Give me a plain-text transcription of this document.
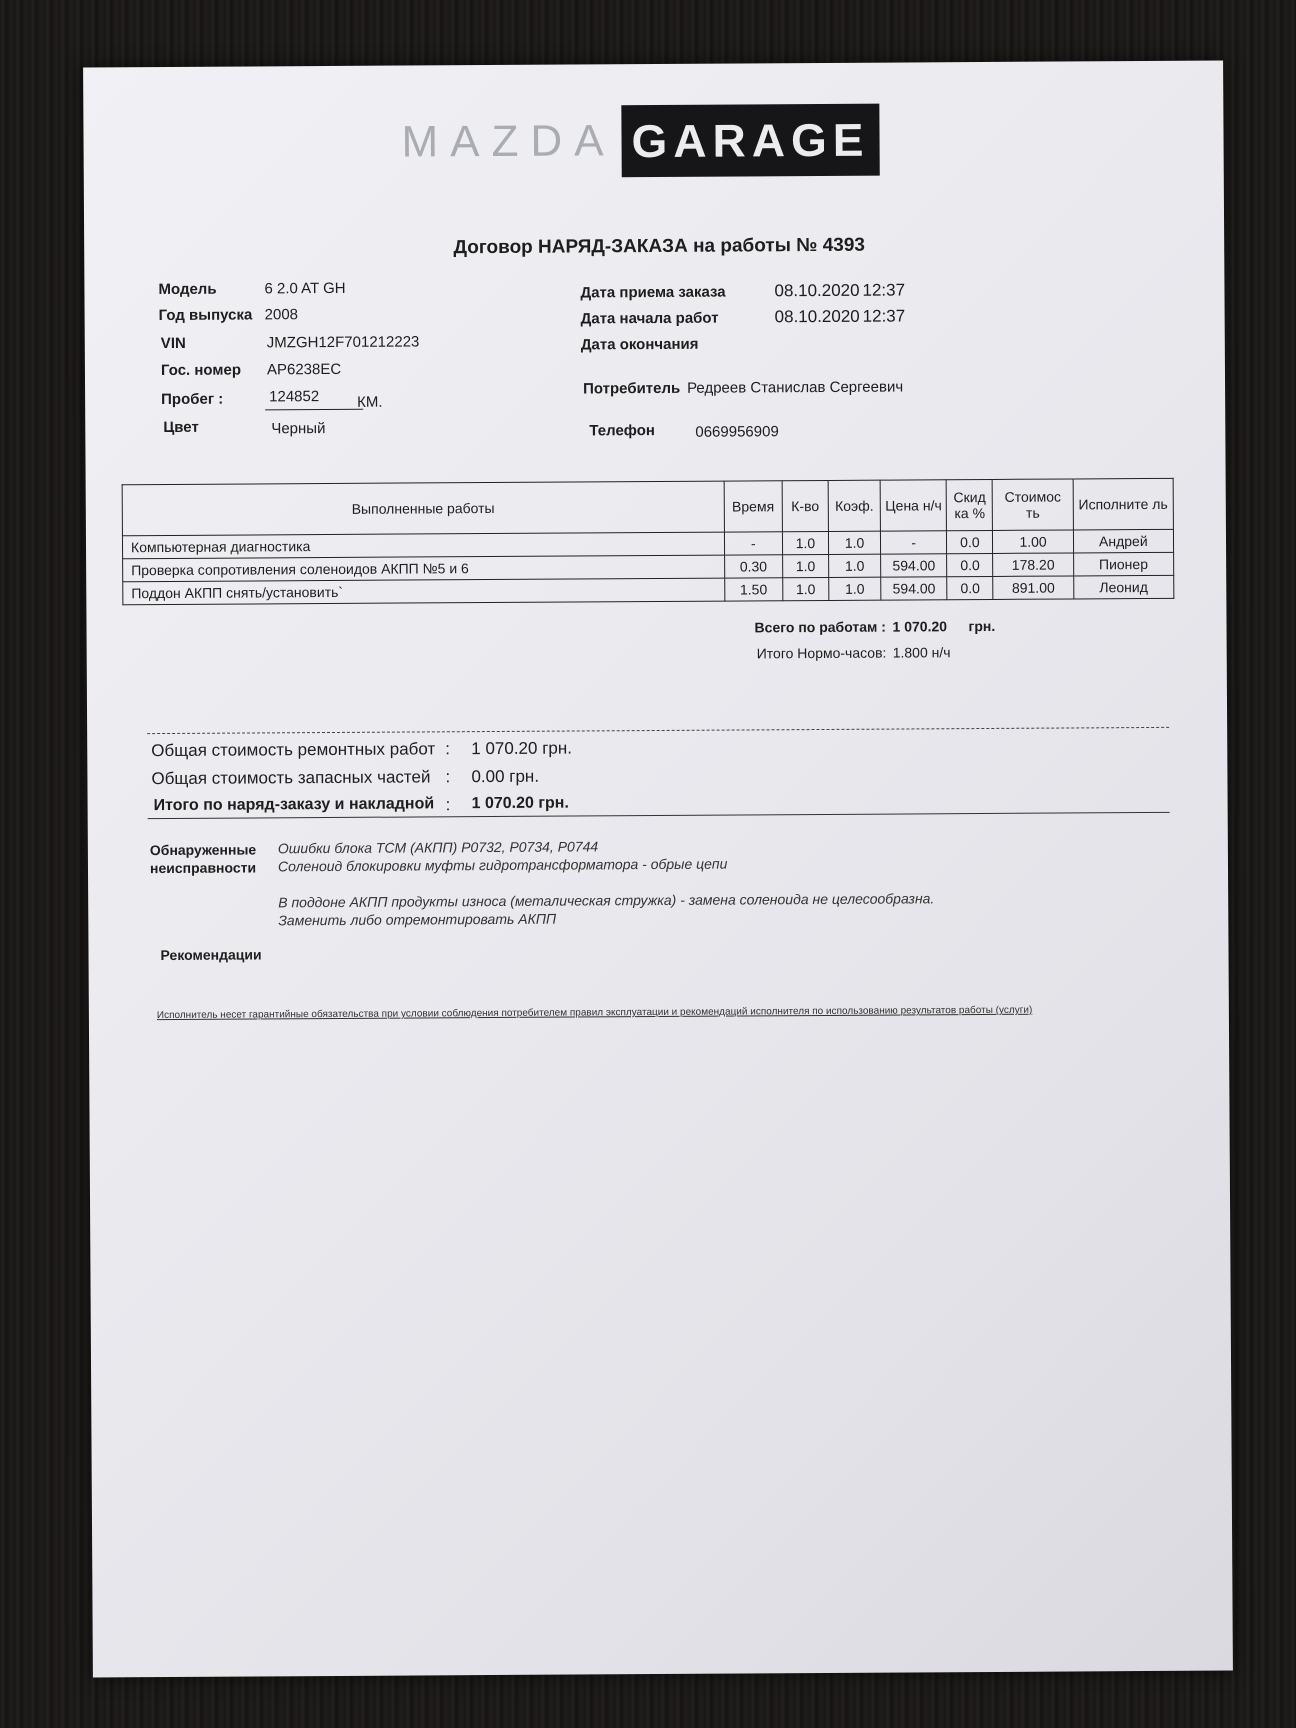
MAZDA GARAGE
Договор НАРЯД-ЗАКАЗА на работы № 4393
Модель	6 2.0 AT GH
Год выпуска 2008
VIN	JMZGH12F701212223
Гос. номер АР6238ЕС
Пробег :	124852	КМ.
Цвет	Черный
Дата приема заказа	08.10.2020 12:37
Дата начала работ	08.10.2020 12:37
Дата окончания
Потребитель Редреев Станислав Сергеевич
Телефон	0669956909
Выполненные работы	Время	К-во	Коэф.	Цена н/ч	Скид ка %	Стоимос ть	Исполните ль
Компьютерная диагностика	-	1.0	1.0	-	0.0	1.00	Андрей
Проверка сопротивления соленоидов АКПП №5 и 6	0.30	1.0	1.0	594.00	0.0	178.20	Пионер
Поддон АКПП снять/установить`	1.50	1.0	1.0	594.00	0.0	891.00	Леонид
Всего по работам : 1 070.20 грн.
Итого Нормо-часов: 1.800 н/ч
Общая стоимость ремонтных работ : 1 070.20 грн.
Общая стоимость запасных частей : 0.00 грн.
Итого по наряд-заказу и накладной : 1 070.20 грн.
Обнаруженные
неисправности
Ошибки блока TCM (АКПП) P0732, P0734, P0744
Соленоид блокировки муфты гидротрансформатора - обрые цепи
В поддоне АКПП продукты износа (металическая стружка) - замена соленоида не целесообразна.
Заменить либо отремонтировать АКПП
Рекомендации
Исполнитель несет гарантийные обязательства при условии соблюдения потребителем правил эксплуатации и рекомендаций исполнителя по использованию результатов работы (услуги)
